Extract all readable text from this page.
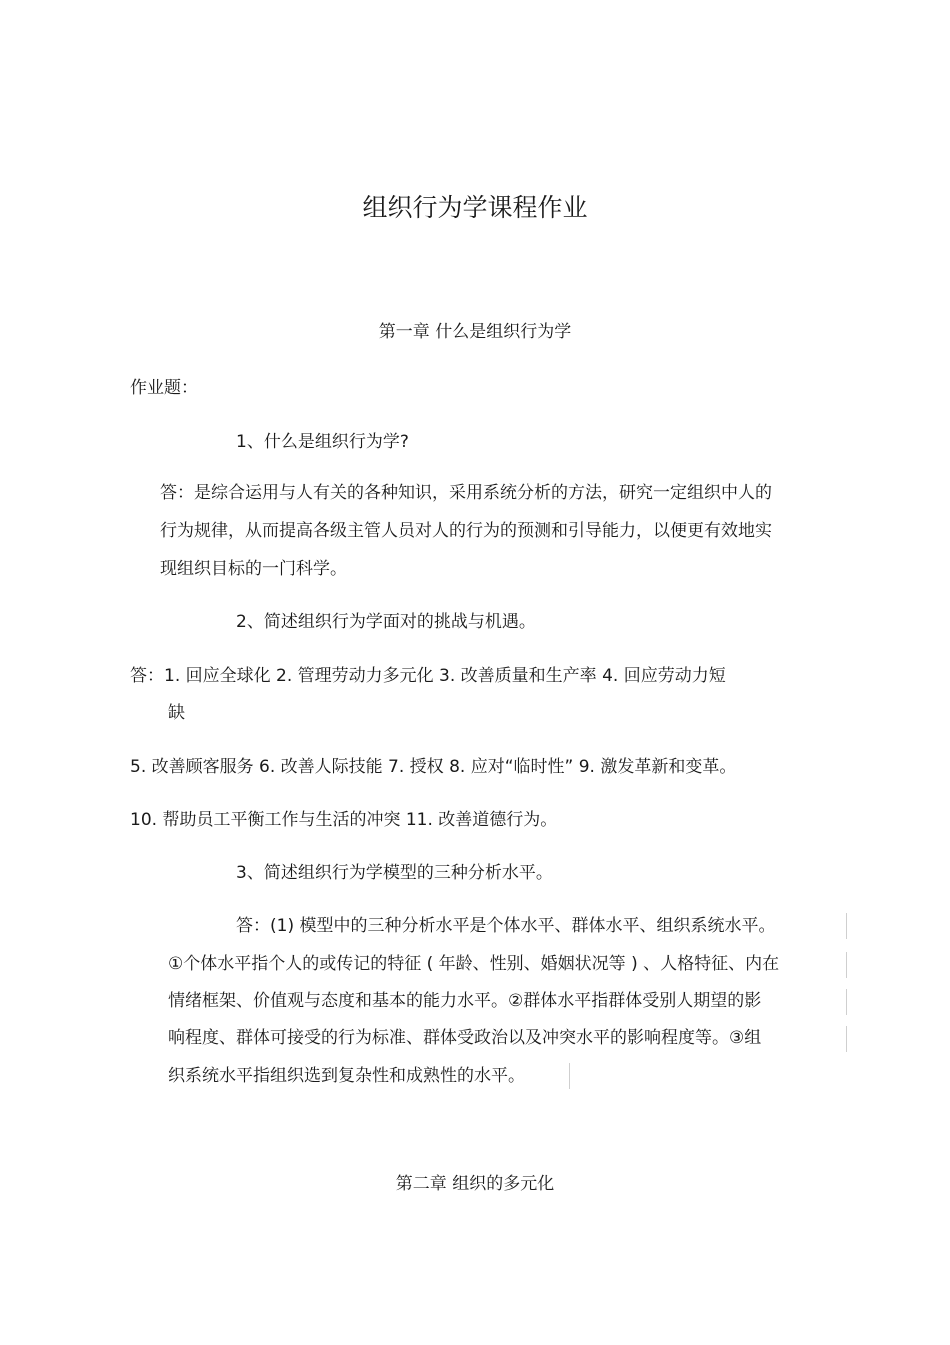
组织行为学课程作业
第一章 什么是组织行为学
作业题：
1、什么是组织行为学?
答：是综合运用与人有关的各种知识，采用系统分析的方法，研究一定组织中人的
行为规律，从而提高各级主管人员对人的行为的预测和引导能力，以便更有效地实
现组织目标的一门科学。
2、简述组织行为学面对的挑战与机遇。
答：1. 回应全球化 2. 管理劳动力多元化 3. 改善质量和生产率 4. 回应劳动力短
缺
5. 改善顾客服务 6. 改善人际技能 7. 授权 8. 应对“临时性” 9. 激发革新和变革。
10. 帮助员工平衡工作与生活的冲突 11. 改善道德行为。
3、简述组织行为学模型的三种分析水平。
答：(1) 模型中的三种分析水平是个体水平、群体水平、组织系统水平。
①个体水平指个人的或传记的特征 ( 年龄、性别、婚姻状况等 ) 、人格特征、内在
情绪框架、价值观与态度和基本的能力水平。②群体水平指群体受别人期望的影
响程度、群体可接受的行为标准、群体受政治以及冲突水平的影响程度等。③组
织系统水平指组织选到复杂性和成熟性的水平。
第二章 组织的多元化
